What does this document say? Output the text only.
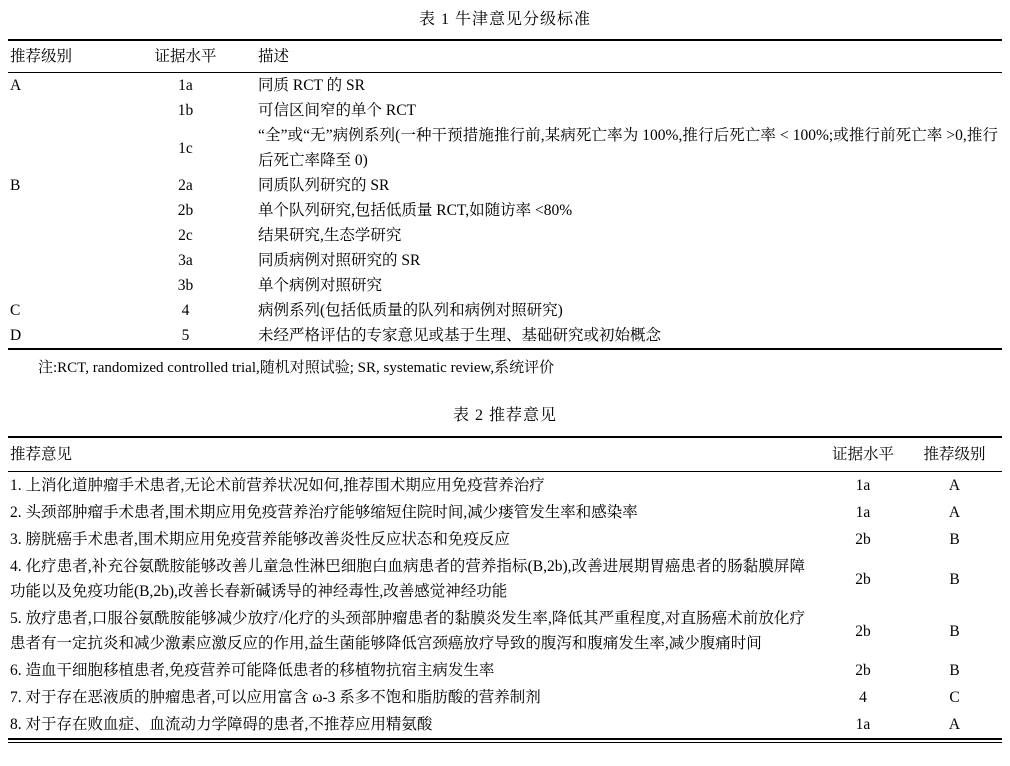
表 1 牛津意见分级标准
推荐级别	证据水平	描述
A	1a	同质 RCT 的 SR
	1b	可信区间窄的单个 RCT
	1c	“全”或“无”病例系列(一种干预措施推行前,某病死亡率为 100%,推行后死亡率 < 100%;或推行前死亡率 >0,推行后死亡率降至 0)
B	2a	同质队列研究的 SR
	2b	单个队列研究,包括低质量 RCT,如随访率 <80%
	2c	结果研究,生态学研究
	3a	同质病例对照研究的 SR
	3b	单个病例对照研究
C	4	病例系列(包括低质量的队列和病例对照研究)
D	5	未经严格评估的专家意见或基于生理、基础研究或初始概念
注:RCT, randomized controlled trial,随机对照试验; SR, systematic review,系统评价
表 2 推荐意见
推荐意见	证据水平	推荐级别
1. 上消化道肿瘤手术患者,无论术前营养状况如何,推荐围术期应用免疫营养治疗	1a	A
2. 头颈部肿瘤手术患者,围术期应用免疫营养治疗能够缩短住院时间,减少瘘管发生率和感染率	1a	A
3. 膀胱癌手术患者,围术期应用免疫营养能够改善炎性反应状态和免疫反应	2b	B
4. 化疗患者,补充谷氨酰胺能够改善儿童急性淋巴细胞白血病患者的营养指标(B,2b),改善进展期胃癌患者的肠黏膜屏障功能以及免疫功能(B,2b),改善长春新碱诱导的神经毒性,改善感觉神经功能	2b	B
5. 放疗患者,口服谷氨酰胺能够减少放疗/化疗的头颈部肿瘤患者的黏膜炎发生率,降低其严重程度,对直肠癌术前放化疗患者有一定抗炎和减少激素应激反应的作用,益生菌能够降低宫颈癌放疗导致的腹泻和腹痛发生率,减少腹痛时间	2b	B
6. 造血干细胞移植患者,免疫营养可能降低患者的移植物抗宿主病发生率	2b	B
7. 对于存在恶液质的肿瘤患者,可以应用富含 ω-3 系多不饱和脂肪酸的营养制剂	4	C
8. 对于存在败血症、血流动力学障碍的患者,不推荐应用精氨酸	1a	A
